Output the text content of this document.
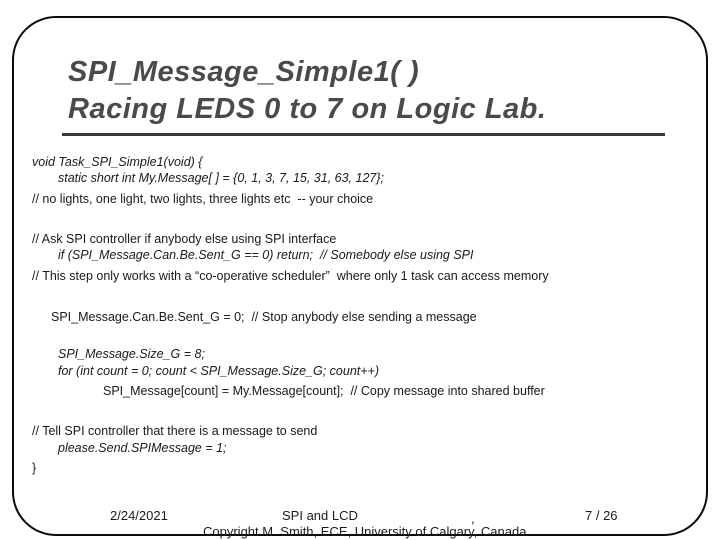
SPI_Message_Simple1( )
Racing LEDS 0 to 7 on Logic Lab.
void Task_SPI_Simple1(void) {
static short int My.Message[ ] = {0, 1, 3, 7, 15, 31, 63, 127};
// no lights, one light, two lights, three lights etc  -- your choice
// Ask SPI controller if anybody else using SPI interface
if (SPI_Message.Can.Be.Sent_G == 0) return;  // Somebody else using SPI
// This step only works with a “co-operative scheduler”  where only 1 task can access memory
SPI_Message.Can.Be.Sent_G = 0;  // Stop anybody else sending a message
SPI_Message.Size_G = 8;
for (int count = 0; count < SPI_Message.Size_G; count++)
SPI_Message[count] = My.Message[count];  // Copy message into shared buffer
// Tell SPI controller that there is a message to send
please.Send.SPIMessage = 1;
}
2/24/2021	SPI and LCD	,	7 / 26
Copyright M. Smith, ECE, University of Calgary, Canada
